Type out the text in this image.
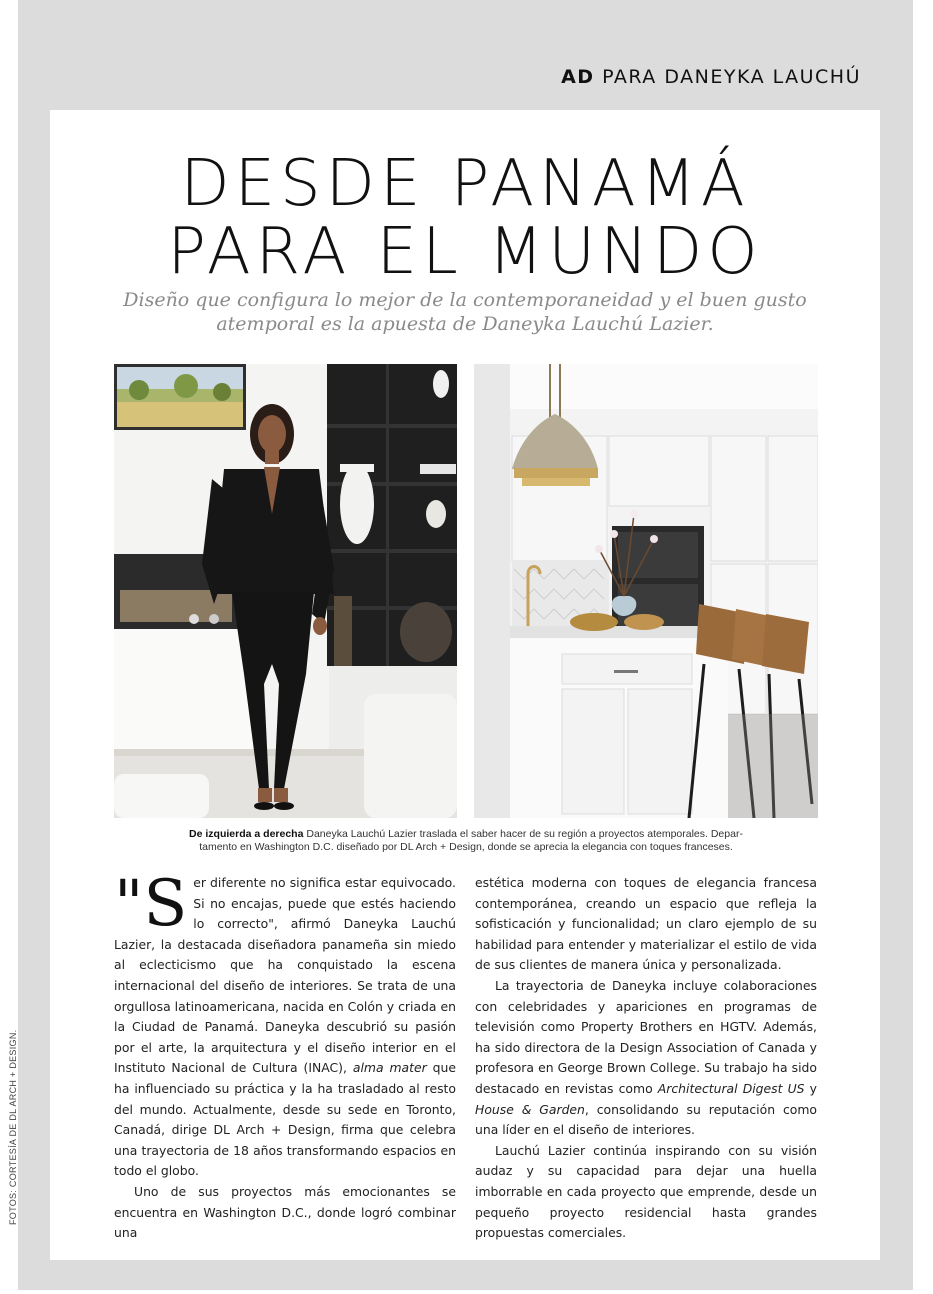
AD PARA DANEYKA LAUCHÚ
FOTOS: CORTESÍA DE DL ARCH + DESIGN.
DESDE PANAMÁ
PARA EL MUNDO
Diseño que configura lo mejor de la contemporaneidad y el buen gusto
atemporal es la apuesta de Daneyka Lauchú Lazier.
De izquierda a derecha Daneyka Lauchú Lazier traslada el saber hacer de su región a proyectos atemporales. Depar-
tamento en Washington D.C. diseñado por DL Arch + Design, donde se aprecia la elegancia con toques franceses.

"Ser diferente no significa estar equivocado. Si no encajas, puede que estés haciendo lo correcto", afirmó Daneyka Lauchú Lazier, la destacada diseñadora panameña sin miedo al eclecticismo que ha conquistado la escena internacional del diseño de interiores. Se trata de una orgullosa latinoamericana, nacida en Colón y criada en la Ciudad de Panamá. Daneyka descubrió su pasión por el arte, la arquitectura y el diseño interior en el Instituto Nacional de Cultura (INAC), alma mater que ha influenciado su práctica y la ha trasladado al resto del mundo. Actualmente, desde su sede en Toronto, Canadá, dirige DL Arch + Design, firma que celebra una trayectoria de 18 años transformando espacios en todo el globo.

Uno de sus proyectos más emocionantes se encuentra en Washington D.C., donde logró combinar una

estética moderna con toques de elegancia francesa contemporánea, creando un espacio que refleja la sofisticación y funcionalidad; un claro ejemplo de su habilidad para entender y materializar el estilo de vida de sus clientes de manera única y personalizada.

La trayectoria de Daneyka incluye colaboraciones con celebridades y apariciones en programas de televisión como Property Brothers en HGTV. Además, ha sido directora de la Design Association of Canada y profesora en George Brown College. Su trabajo ha sido destacado en revistas como Architectural Digest US y House & Garden, consolidando su reputación como una líder en el diseño de interiores.

Lauchú Lazier continúa inspirando con su visión audaz y su capacidad para dejar una huella imborrable en cada proyecto que emprende, desde un pequeño proyecto residencial hasta grandes propuestas comerciales.
